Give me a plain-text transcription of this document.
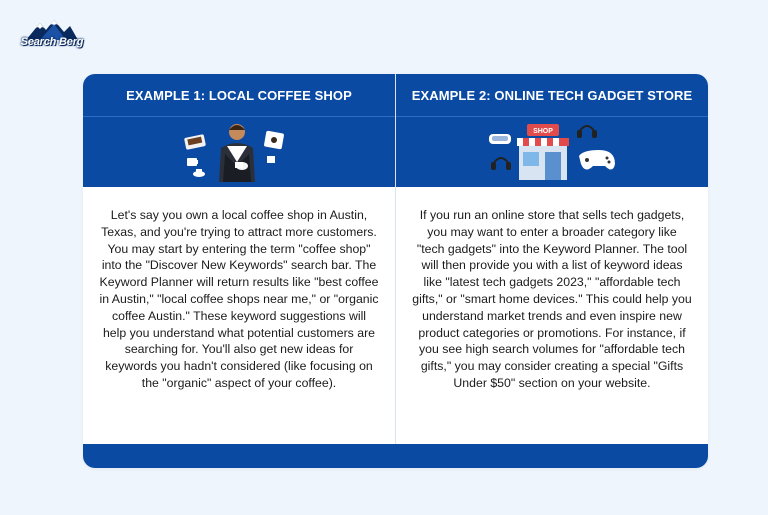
Search Berg
EXAMPLE 1: LOCAL COFFEE SHOP
Let's say you own a local coffee shop in Austin, Texas, and you're trying to attract more customers. You may start by entering the term "coffee shop" into the "Discover New Keywords" search bar. The Keyword Planner will return results like "best coffee in Austin," "local coffee shops near me," or "organic coffee Austin." These keyword suggestions will help you understand what potential customers are searching for. You'll also get new ideas for keywords you hadn't considered (like focusing on the "organic" aspect of your coffee).
EXAMPLE 2: ONLINE TECH GADGET STORE
SHOP
If you run an online store that sells tech gadgets, you may want to enter a broader category like "tech gadgets" into the Keyword Planner. The tool will then provide you with a list of keyword ideas like "latest tech gadgets 2023," "affordable tech gifts," or "smart home devices." This could help you understand market trends and even inspire new product categories or promotions. For instance, if you see high search volumes for "affordable tech gifts," you may consider creating a special "Gifts Under $50" section on your website.
